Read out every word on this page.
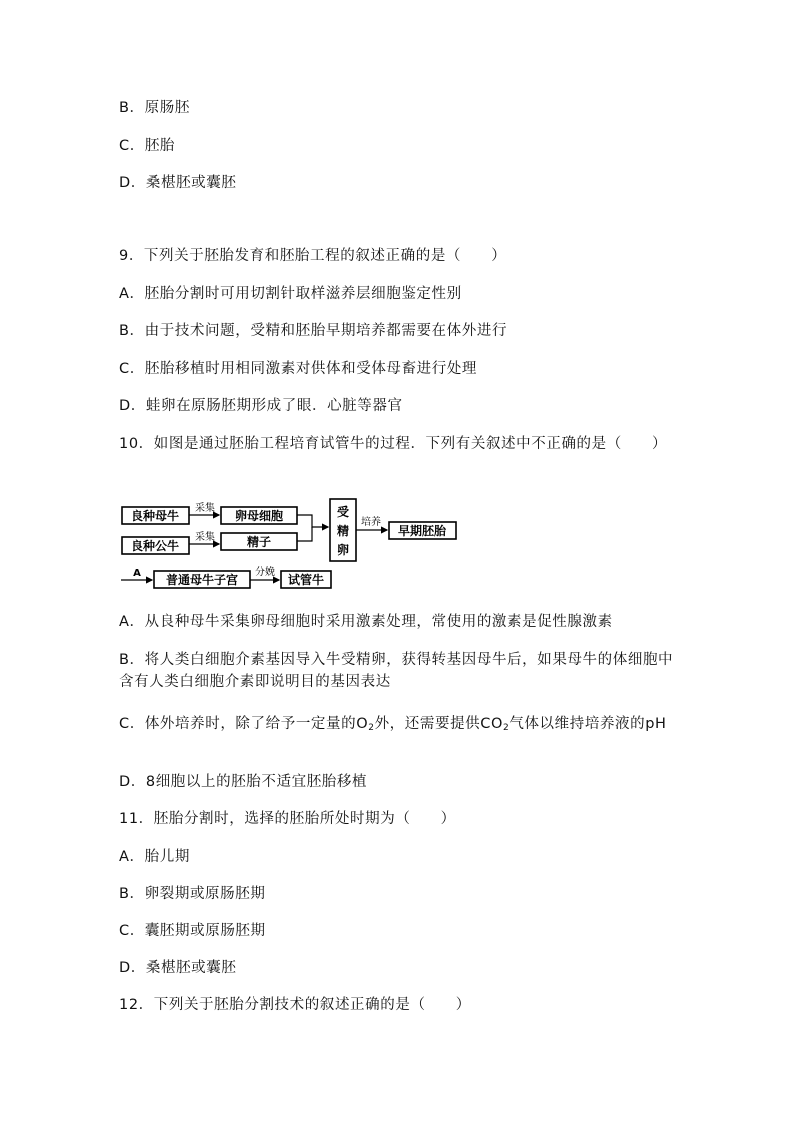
B．原肠胚
C．胚胎
D．桑椹胚或囊胚
9．下列关于胚胎发育和胚胎工程的叙述正确的是（　　）
A．胚胎分割时可用切割针取样滋养层细胞鉴定性别
B．由于技术问题，受精和胚胎早期培养都需要在体外进行
C．胚胎移植时用相同激素对供体和受体母畜进行处理
D．蛙卵在原肠胚期形成了眼．心脏等器官
10．如图是通过胚胎工程培育试管牛的过程．下列有关叙述中不正确的是（　　）
良种母牛
良种公牛
卵母细胞
精子
受
精
卵
早期胚胎
普通母牛子宫	试管牛
采集
采集
培养
分娩
A
A．从良种母牛采集卵母细胞时采用激素处理，常使用的激素是促性腺激素
B．将人类白细胞介素基因导入牛受精卵，获得转基因母牛后，如果母牛的体细胞中含有人类白细胞介素即说明目的基因表达
C．体外培养时，除了给予一定量的$O_2$外，还需要提供$CO_2$气体以维持培养液的pH
D．8细胞以上的胚胎不适宜胚胎移植
11．胚胎分割时，选择的胚胎所处时期为（　　）
A．胎儿期
B．卵裂期或原肠胚期
C．囊胚期或原肠胚期
D．桑椹胚或囊胚
12．下列关于胚胎分割技术的叙述正确的是（　　）
